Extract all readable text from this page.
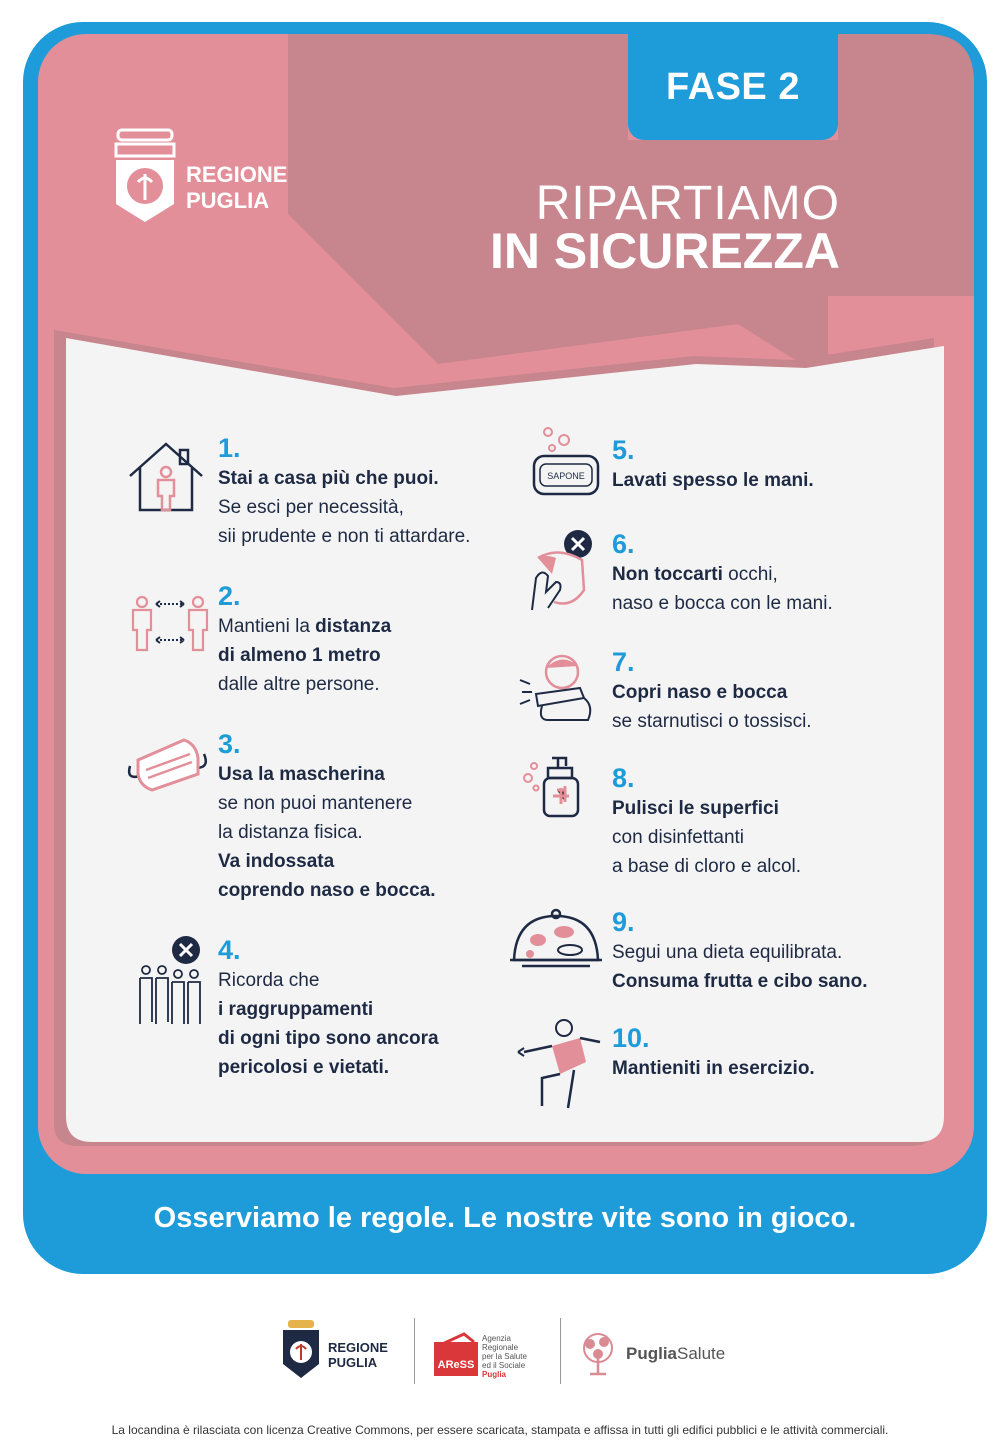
FASE 2
REGIONE
PUGLIA	RIPARTIAMO
IN SICUREZZA
1.
Stai a casa più che puoi.
Se esci per necessità,
sii prudente e non ti attardare.
2.
Mantieni la distanza
di almeno 1 metro
dalle altre persone.
3.
Usa la mascherina
se non puoi mantenere
la distanza fisica.
Va indossata
coprendo naso e bocca.
4.
Ricorda che
i raggruppamenti
di ogni tipo sono ancora
pericolosi e vietati.
5.
Lavati spesso le mani.
6.
Non toccarti occhi,
naso e bocca con le mani.
7.
Copri naso e bocca
se starnutisci o tossisci.
8.
Pulisci le superfici
con disinfettanti
a base di cloro e alcol.
9.
Segui una dieta equilibrata.
Consuma frutta e cibo sano.
10.
Mantieniti in esercizio.
SAPONE
Osserviamo le regole. Le nostre vite sono in gioco.
REGIONE
PUGLIA	AReSS
Agenzia
Regionale
per la Salute
ed il Sociale
Puglia
PugliaSalute
La locandina è rilasciata con licenza Creative Commons, per essere scaricata, stampata e affissa in tutti gli edifici pubblici e le attività commerciali.
